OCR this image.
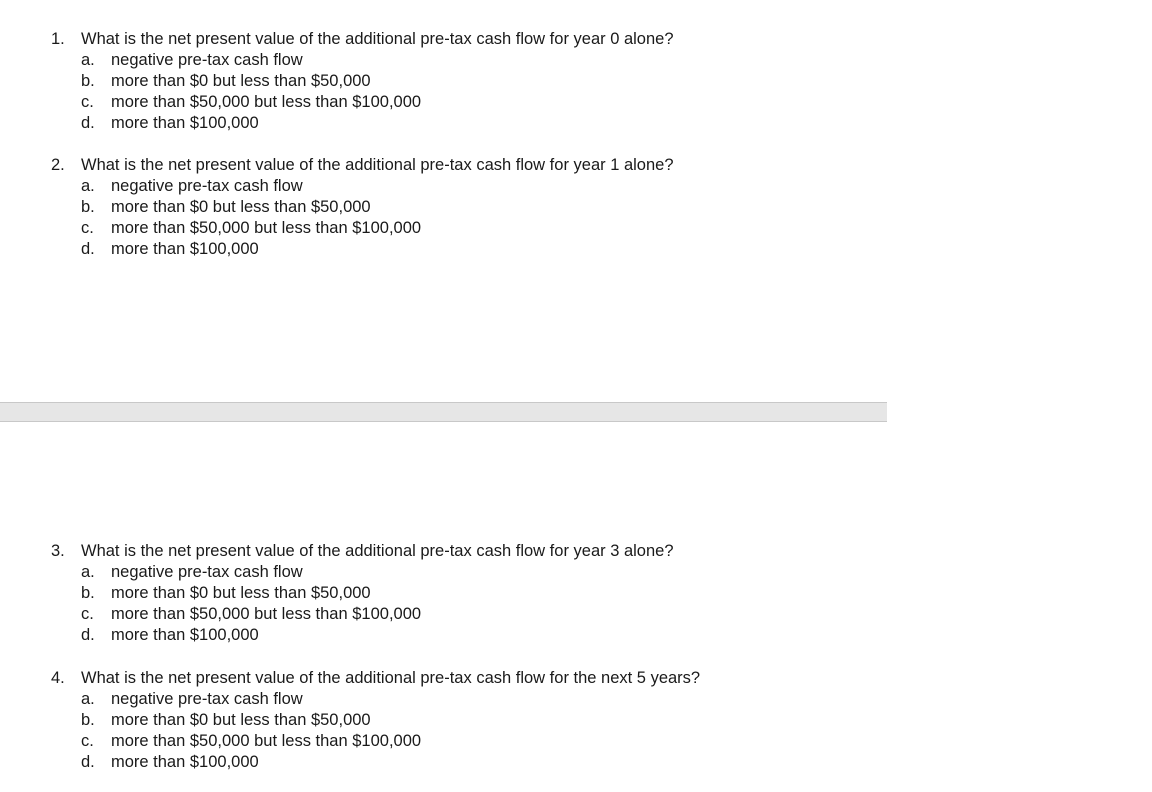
1. What is the net present value of the additional pre-tax cash flow for year 0 alone?
a. negative pre-tax cash flow
b. more than $0 but less than $50,000
c. more than $50,000 but less than $100,000
d. more than $100,000
2. What is the net present value of the additional pre-tax cash flow for year 1 alone?
a. negative pre-tax cash flow
b. more than $0 but less than $50,000
c. more than $50,000 but less than $100,000
d. more than $100,000
3. What is the net present value of the additional pre-tax cash flow for year 3 alone?
a. negative pre-tax cash flow
b. more than $0 but less than $50,000
c. more than $50,000 but less than $100,000
d. more than $100,000
4. What is the net present value of the additional pre-tax cash flow for the next 5 years?
a. negative pre-tax cash flow
b. more than $0 but less than $50,000
c. more than $50,000 but less than $100,000
d. more than $100,000
